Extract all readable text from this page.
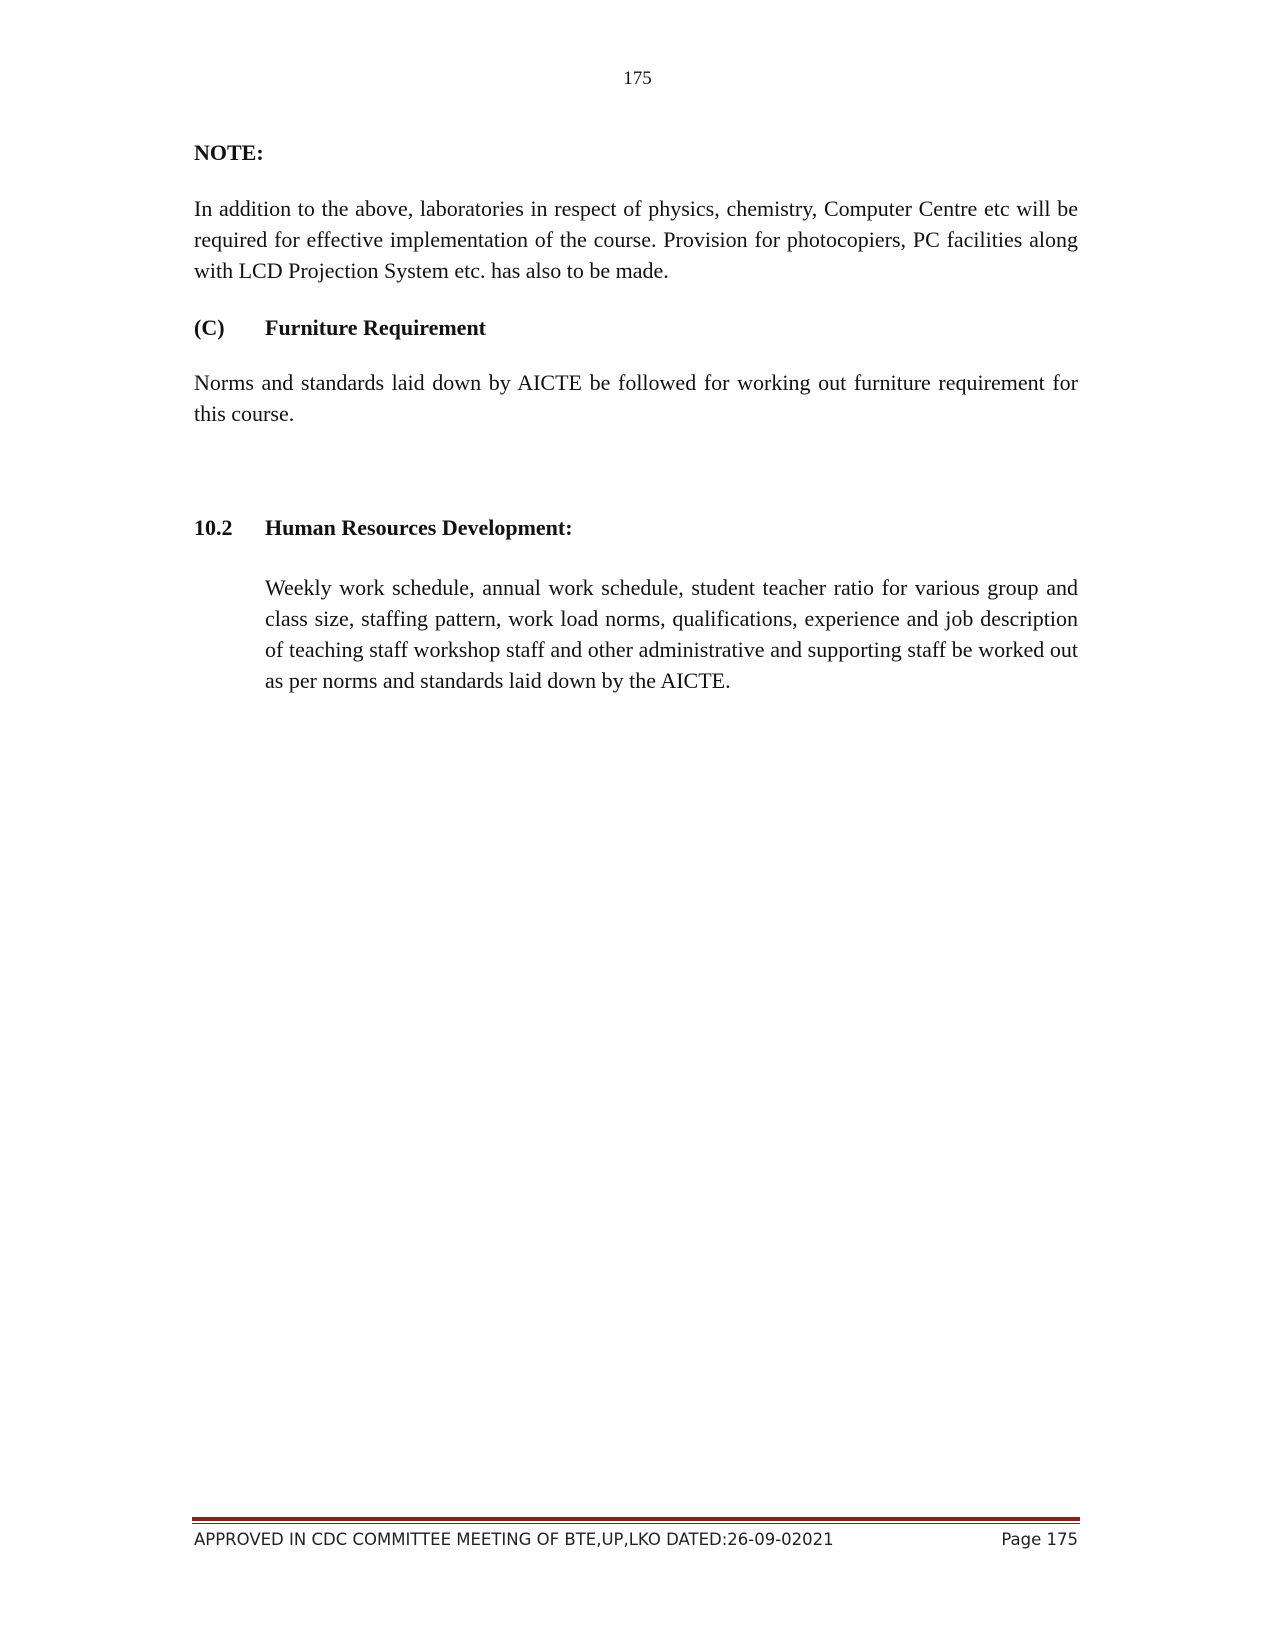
175

NOTE:

In addition to the above, laboratories in respect of physics, chemistry, Computer Centre etc will be required for effective implementation of the course. Provision for photocopiers, PC facilities along with LCD Projection System etc. has also to be made.

(C)	Furniture Requirement

Norms and standards laid down by AICTE be followed for working out furniture requirement for this course.

10.2	Human Resources Development:

Weekly work schedule, annual work schedule, student teacher ratio for various group and class size, staffing pattern, work load norms, qualifications, experience and job description of teaching staff workshop staff and other administrative and supporting staff be worked out as per norms and standards laid down by the AICTE.

APPROVED IN CDC COMMITTEE MEETING OF BTE,UP,LKO DATED:26-09-02021	Page 175
